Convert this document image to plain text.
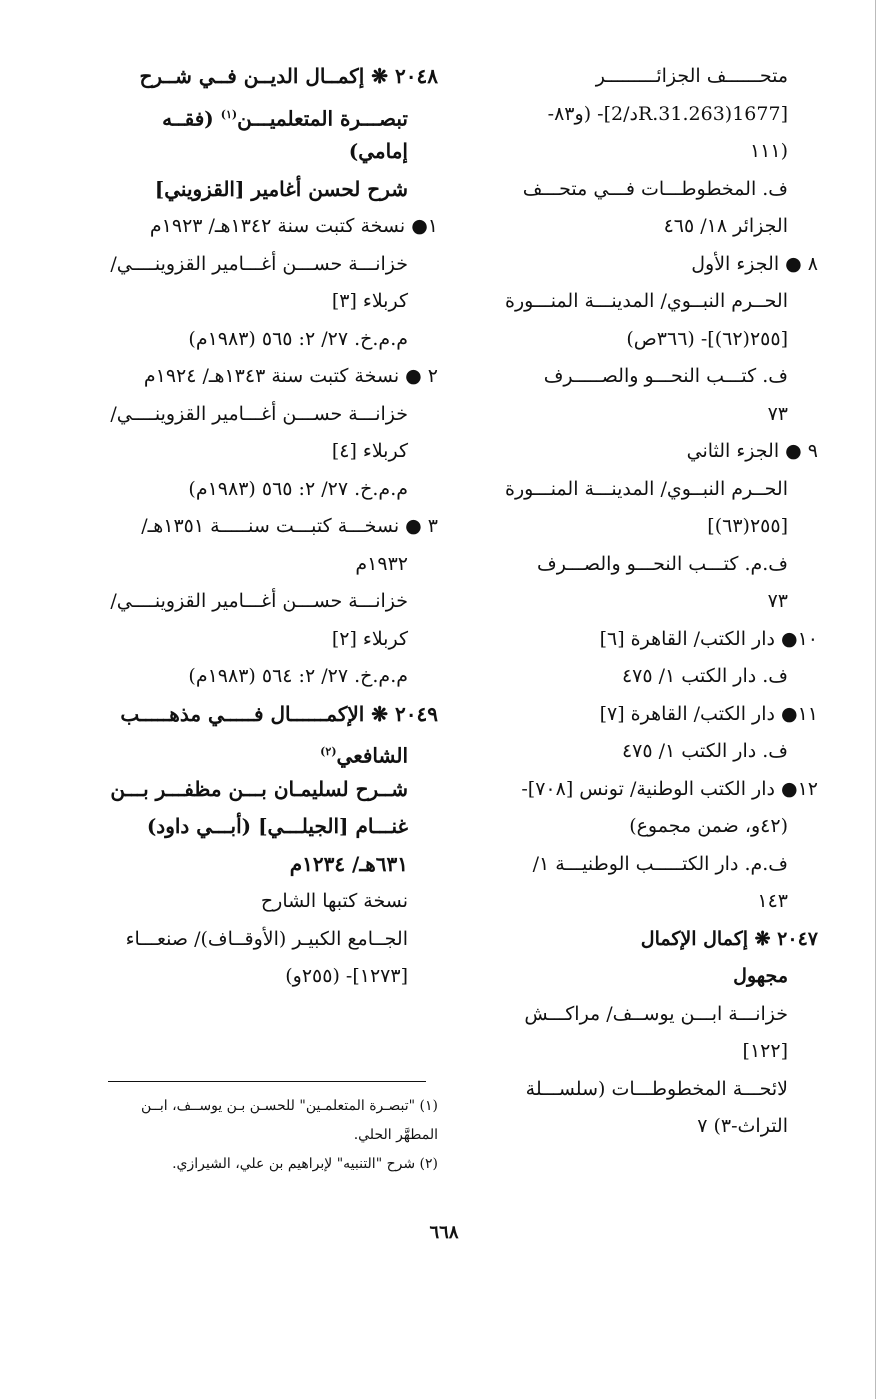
متحــــــف الجزائـــــــــر
[1677(263.R.31د/2]- (و٨٣-
(١١١
ف. المخطوطـــات فـــي متحـــف
الجزائر ١٨/ ٤٦٥
٨ ● الجزء الأول
الحــرم النبــوي/ المدينـــة المنـــورة
[٢٥٥(٦٢)]- (٣٦٦ص)
ف. كتـــب النحـــو والصـــــرف
٧٣
٩ ● الجزء الثاني
الحــرم النبــوي/ المدينـــة المنـــورة
[٢٥٥(٦٣)]
ف.م. كتـــب النحـــو والصـــرف
٧٣
١٠● دار الكتب/ القاهرة [٦]
ف. دار الكتب ١/ ٤٧٥
١١● دار الكتب/ القاهرة [٧]
ف. دار الكتب ١/ ٤٧٥
١٢● دار الكتب الوطنية/ تونس [٧٠٨]-
(٤٢و، ضمن مجموع)
ف.م. دار الكتـــــب الوطنيـــة ١/
١٤٣
٢٠٤٧ ❋ إكمال الإكمال
مجهول
خزانـــة ابـــن يوســف/ مراكـــش
[١٢٢]
لائحـــة المخطوطـــات (سلســـلة
التراث-٣) ٧
٢٠٤٨ ❋ إكمــال الديــن فــي شــرح
تبصـــرة المتعلميـــن$^{(١)}$ (فقــه
إمامي)
شرح لحسن أغامير [القزويني]
١● نسخة كتبت سنة ١٣٤٢هـ/ ١٩٢٣م
خزانـــة حســـن أغـــامير القزوينــــي/
كربلاء [٣]
م.م.خ. ٢٧/ ٢: ٥٦٥ (١٩٨٣م)
٢ ● نسخة كتبت سنة ١٣٤٣هـ/ ١٩٢٤م
خزانـــة حســـن أغـــامير القزوينــــي/
كربلاء [٤]
م.م.خ. ٢٧/ ٢: ٥٦٥ (١٩٨٣م)
٣ ● نسخـــة كتبـــت سنـــــة ١٣٥١هـ/
١٩٣٢م
خزانـــة حســـن أغـــامير القزوينــــي/
كربلاء [٢]
م.م.خ. ٢٧/ ٢: ٥٦٤ (١٩٨٣م)
٢٠٤٩ ❋ الإكمــــــال فـــــي مذهـــــب
الشافعي$^{(٢)}$
شــرح لسليمـان بـــن مظفـــر بـــن
غنـــام [الجيلـــي] (أبـــي داود)
٦٣١هـ/ ١٢٣٤م
نسخة كتبها الشارح
الجــامع الكبيـر (الأوقــاف)/ صنعـــاء
[١٢٧٣]- (٢٥٥و)
(١) "تبصـرة المتعلمـين" للحسـن بـن يوســف، ابــن
المطهَّر الحلي.
(٢) شرح "التنبيه" لإبراهيم بن علي، الشيرازي.
٦٦٨
